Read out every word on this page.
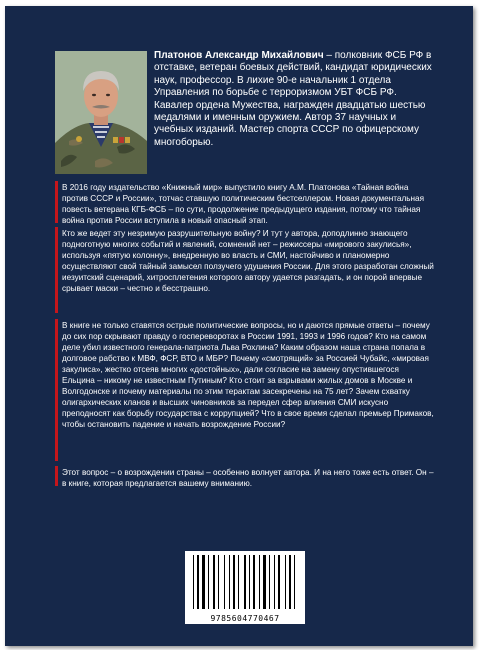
Платонов Александр Михайлович – полковник ФСБ РФ в отставке, ветеран боевых действий, кандидат юридических наук, профессор. В лихие 90-е начальник 1 отдела Управления по борьбе с терроризмом УБТ ФСБ РФ. Кавалер ордена Мужества, награжден двадцатью шестью медалями и именным оружием. Автор 37 научных и учебных изданий. Мастер спорта СССР по офицерскому многоборью.

В 2016 году издательство «Книжный мир» выпустило книгу А.М. Платонова «Тайная война против СССР и России», тотчас ставшую политическим бестселлером. Новая документальная повесть ветерана КГБ-ФСБ – по сути, продолжение предыдущего издания, потому что тайная война против России вступила в новый опасный этап.

Кто же ведет эту незримую разрушительную войну? И тут у автора, доподлинно знающего подноготную многих событий и явлений, сомнений нет – режиссеры «мирового закулисья», используя «пятую колонну», внедренную во власть и СМИ, настойчиво и планомерно осуществляют свой тайный замысел ползучего удушения России. Для этого разработан сложный иезуитский сценарий, хитросплетения которого автору удается разгадать, и он порой впервые срывает маски – честно и бесстрашно.

В книге не только ставятся острые политические вопросы, но и даются прямые ответы – почему до сих пор скрывают правду о госпереворотах в России 1991, 1993 и 1996 годов? Кто на самом деле убил известного генерала-патриота Льва Рохлина? Каким образом наша страна попала в долговое рабство к МВФ, ФСР, ВТО и МБР? Почему «смотрящий» за Россией Чубайс, «мировая закулиса», жестко отсеяв многих «достойных», дали согласие на замену опустившегося Ельцина – никому не известным Путиным? Кто стоит за взрывами жилых домов в Москве и Волгодонске и почему материалы по этим терактам засекречены на 75 лет? Зачем схватку олигархических кланов и высших чиновников за передел сфер влияния СМИ искусно преподносят как борьбу государства с коррупцией? Что в свое время сделал премьер Примаков, чтобы остановить падение и начать возрождение России?

Этот вопрос – о возрождении страны – особенно волнует автора. И на него тоже есть ответ. Он – в книге, которая предлагается вашему вниманию.

9785604770467
